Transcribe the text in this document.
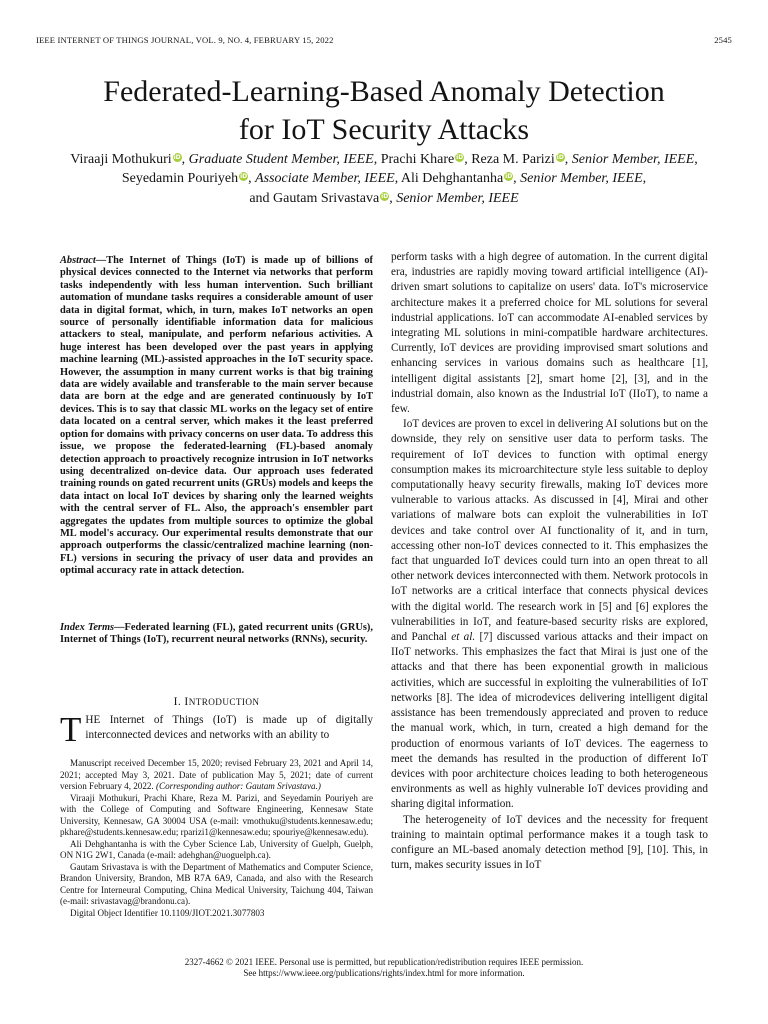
IEEE INTERNET OF THINGS JOURNAL, VOL. 9, NO. 4, FEBRUARY 15, 2022	2545
Federated-Learning-Based Anomaly Detection
for IoT Security Attacks
Viraaji Mothukuri iD, Graduate Student Member, IEEE, Prachi Khare iD, Reza M. Parizi iD, Senior Member, IEEE,
Seyedamin Pouriyeh iD, Associate Member, IEEE, Ali Dehghantanha iD, Senior Member, IEEE,
and Gautam Srivastava iD, Senior Member, IEEE
Abstract—The Internet of Things (IoT) is made up of billions of physical devices connected to the Internet via networks that perform tasks independently with less human intervention. Such brilliant automation of mundane tasks requires a considerable amount of user data in digital format, which, in turn, makes IoT networks an open source of personally identifiable information data for malicious attackers to steal, manipulate, and perform nefarious activities. A huge interest has been developed over the past years in applying machine learning (ML)-assisted approaches in the IoT security space. However, the assumption in many current works is that big training data are widely available and transferable to the main server because data are born at the edge and are generated continuously by IoT devices. This is to say that classic ML works on the legacy set of entire data located on a central server, which makes it the least preferred option for domains with privacy concerns on user data. To address this issue, we propose the federated-learning (FL)-based anomaly detection approach to proactively recognize intrusion in IoT networks using decentralized on-device data. Our approach uses federated training rounds on gated recurrent units (GRUs) models and keeps the data intact on local IoT devices by sharing only the learned weights with the central server of FL. Also, the approach's ensembler part aggregates the updates from multiple sources to optimize the global ML model's accuracy. Our experimental results demonstrate that our approach outperforms the classic/centralized machine learning (non-FL) versions in securing the privacy of user data and provides an optimal accuracy rate in attack detection.
Index Terms—Federated learning (FL), gated recurrent units (GRUs), Internet of Things (IoT), recurrent neural networks (RNNs), security.
I. INTRODUCTION
THE Internet of Things (IoT) is made up of digitally interconnected devices and networks with an ability to

Manuscript received December 15, 2020; revised February 23, 2021 and April 14, 2021; accepted May 3, 2021. Date of publication May 5, 2021; date of current version February 4, 2022. (Corresponding author: Gautam Srivastava.)

Viraaji Mothukuri, Prachi Khare, Reza M. Parizi, and Seyedamin Pouriyeh are with the College of Computing and Software Engineering, Kennesaw State University, Kennesaw, GA 30004 USA (e-mail: vmothuku@students.kennesaw.edu; pkhare@students.kennesaw.edu; rparizi1@kennesaw.edu; spouriye@kennesaw.edu).

Ali Dehghantanha is with the Cyber Science Lab, University of Guelph, Guelph, ON N1G 2W1, Canada (e-mail: adehghan@uoguelph.ca).

Gautam Srivastava is with the Department of Mathematics and Computer Science, Brandon University, Brandon, MB R7A 6A9, Canada, and also with the Research Centre for Interneural Computing, China Medical University, Taichung 404, Taiwan (e-mail: srivastavag@brandonu.ca).

Digital Object Identifier 10.1109/JIOT.2021.3077803

perform tasks with a high degree of automation. In the current digital era, industries are rapidly moving toward artificial intelligence (AI)-driven smart solutions to capitalize on users' data. IoT's microservice architecture makes it a preferred choice for ML solutions for several industrial applications. IoT can accommodate AI-enabled services by integrating ML solutions in mini-compatible hardware architectures. Currently, IoT devices are providing improvised smart solutions and enhancing services in various domains such as healthcare [1], intelligent digital assistants [2], smart home [2], [3], and in the industrial domain, also known as the Industrial IoT (IIoT), to name a few.

IoT devices are proven to excel in delivering AI solutions but on the downside, they rely on sensitive user data to perform tasks. The requirement of IoT devices to function with optimal energy consumption makes its microarchitecture style less suitable to deploy computationally heavy security firewalls, making IoT devices more vulnerable to various attacks. As discussed in [4], Mirai and other variations of malware bots can exploit the vulnerabilities in IoT devices and take control over AI functionality of it, and in turn, accessing other non-IoT devices connected to it. This emphasizes the fact that unguarded IoT devices could turn into an open threat to all other network devices interconnected with them. Network protocols in IoT networks are a critical interface that connects physical devices with the digital world. The research work in [5] and [6] explores the vulnerabilities in IoT, and feature-based security risks are explored, and Panchal et al. [7] discussed various attacks and their impact on IIoT networks. This emphasizes the fact that Mirai is just one of the attacks and that there has been exponential growth in malicious activities, which are successful in exploiting the vulnerabilities of IoT networks [8]. The idea of microdevices delivering intelligent digital assistance has been tremendously appreciated and proven to reduce the manual work, which, in turn, created a high demand for the production of enormous variants of IoT devices. The eagerness to meet the demands has resulted in the production of different IoT devices with poor architecture choices leading to both heterogeneous environments as well as highly vulnerable IoT devices providing and sharing digital information.

The heterogeneity of IoT devices and the necessity for frequent training to maintain optimal performance makes it a tough task to configure an ML-based anomaly detection method [9], [10]. This, in turn, makes security issues in IoT

2327-4662 © 2021 IEEE. Personal use is permitted, but republication/redistribution requires IEEE permission.
See https://www.ieee.org/publications/rights/index.html for more information.
